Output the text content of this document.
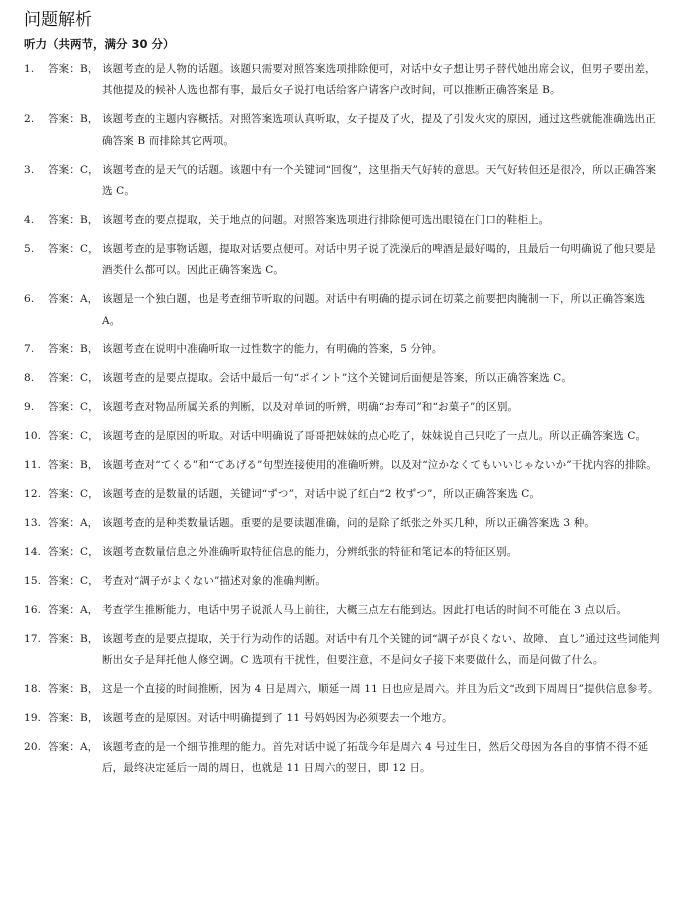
问题解析
听力（共两节，满分 30 分）
1. 答案：B， 该题考查的是人物的话题。该题只需要对照答案选项排除便可，对话中女子想让男子替代她出席会议，但男子要出差，其他提及的候补人选也都有事，最后女子说打电话给客户请客户改时间，可以推断正确答案是 B。
2. 答案：B， 该题考查的主题内容概括。对照答案选项认真听取，女子提及了火，提及了引发火灾的原因，通过这些就能准确选出正确答案 B 而排除其它两项。
3. 答案：C， 该题考查的是天气的话题。该题中有一个关键词“回復”，这里指天气好转的意思。天气好转但还是很冷，所以正确答案选 C。
4. 答案：B， 该题考查的要点提取，关于地点的问题。对照答案选项进行排除便可选出眼镜在门口的鞋柜上。
5. 答案：C， 该题考查的是事物话题，提取对话要点便可。对话中男子说了洗澡后的啤酒是最好喝的，且最后一句明确说了他只要是酒类什么都可以。因此正确答案选 C。
6. 答案：A， 该题是一个独白题，也是考查细节听取的问题。对话中有明确的提示词在切菜之前要把肉腌制一下，所以正确答案选 A。
7. 答案：B， 该题考查在说明中准确听取一过性数字的能力，有明确的答案，5 分钟。
8. 答案：C， 该题考查的是要点提取。会话中最后一句“ポイント”这个关键词后面便是答案，所以正确答案选 C。
9. 答案：C， 该题考查对物品所属关系的判断，以及对单词的听辨，明确“お寿司”和“お菓子”的区别。
10. 答案：C， 该题考查的是原因的听取。对话中明确说了哥哥把妹妹的点心吃了，妹妹说自己只吃了一点儿。所以正确答案选 C。
11. 答案：B， 该题考查对“てくる”和“てあげる”句型连接使用的准确听辨。以及对“泣かなくてもいいじゃないか”干扰内容的排除。
12. 答案：C， 该题考查的是数量的话题，关键词“ずつ”，对话中说了红白“2 枚ずつ”，所以正确答案选 C。
13. 答案：A， 该题考查的是种类数量话题。重要的是要读题准确，问的是除了纸张之外买几种，所以正确答案选 3 种。
14. 答案：C， 该题考查数量信息之外准确听取特征信息的能力，分辨纸张的特征和笔记本的特征区别。
15. 答案：C， 考查对“調子がよくない”描述对象的准确判断。
16. 答案：A， 考查学生推断能力，电话中男子说派人马上前往，大概三点左右能到达。因此打电话的时间不可能在 3 点以后。
17. 答案：B， 该题考查的是要点提取，关于行为动作的话题。对话中有几个关键的词“調子が良くない、故障、 直し”通过这些词能判断出女子是拜托他人修空调。C 选项有干扰性，但要注意，不是问女子接下来要做什么，而是问做了什么。
18. 答案：B， 这是一个直接的时间推断，因为 4 日是周六，顺延一周 11 日也应是周六。并且为后文“改到下周周日”提供信息参考。
19. 答案：B， 该题考查的是原因。对话中明确提到了 11 号妈妈因为必须要去一个地方。
20. 答案：A， 该题考查的是一个细节推理的能力。首先对话中说了拓哉今年是周六 4 号过生日，然后父母因为各自的事情不得不延后，最终决定延后一周的周日，也就是 11 日周六的翌日，即 12 日。
